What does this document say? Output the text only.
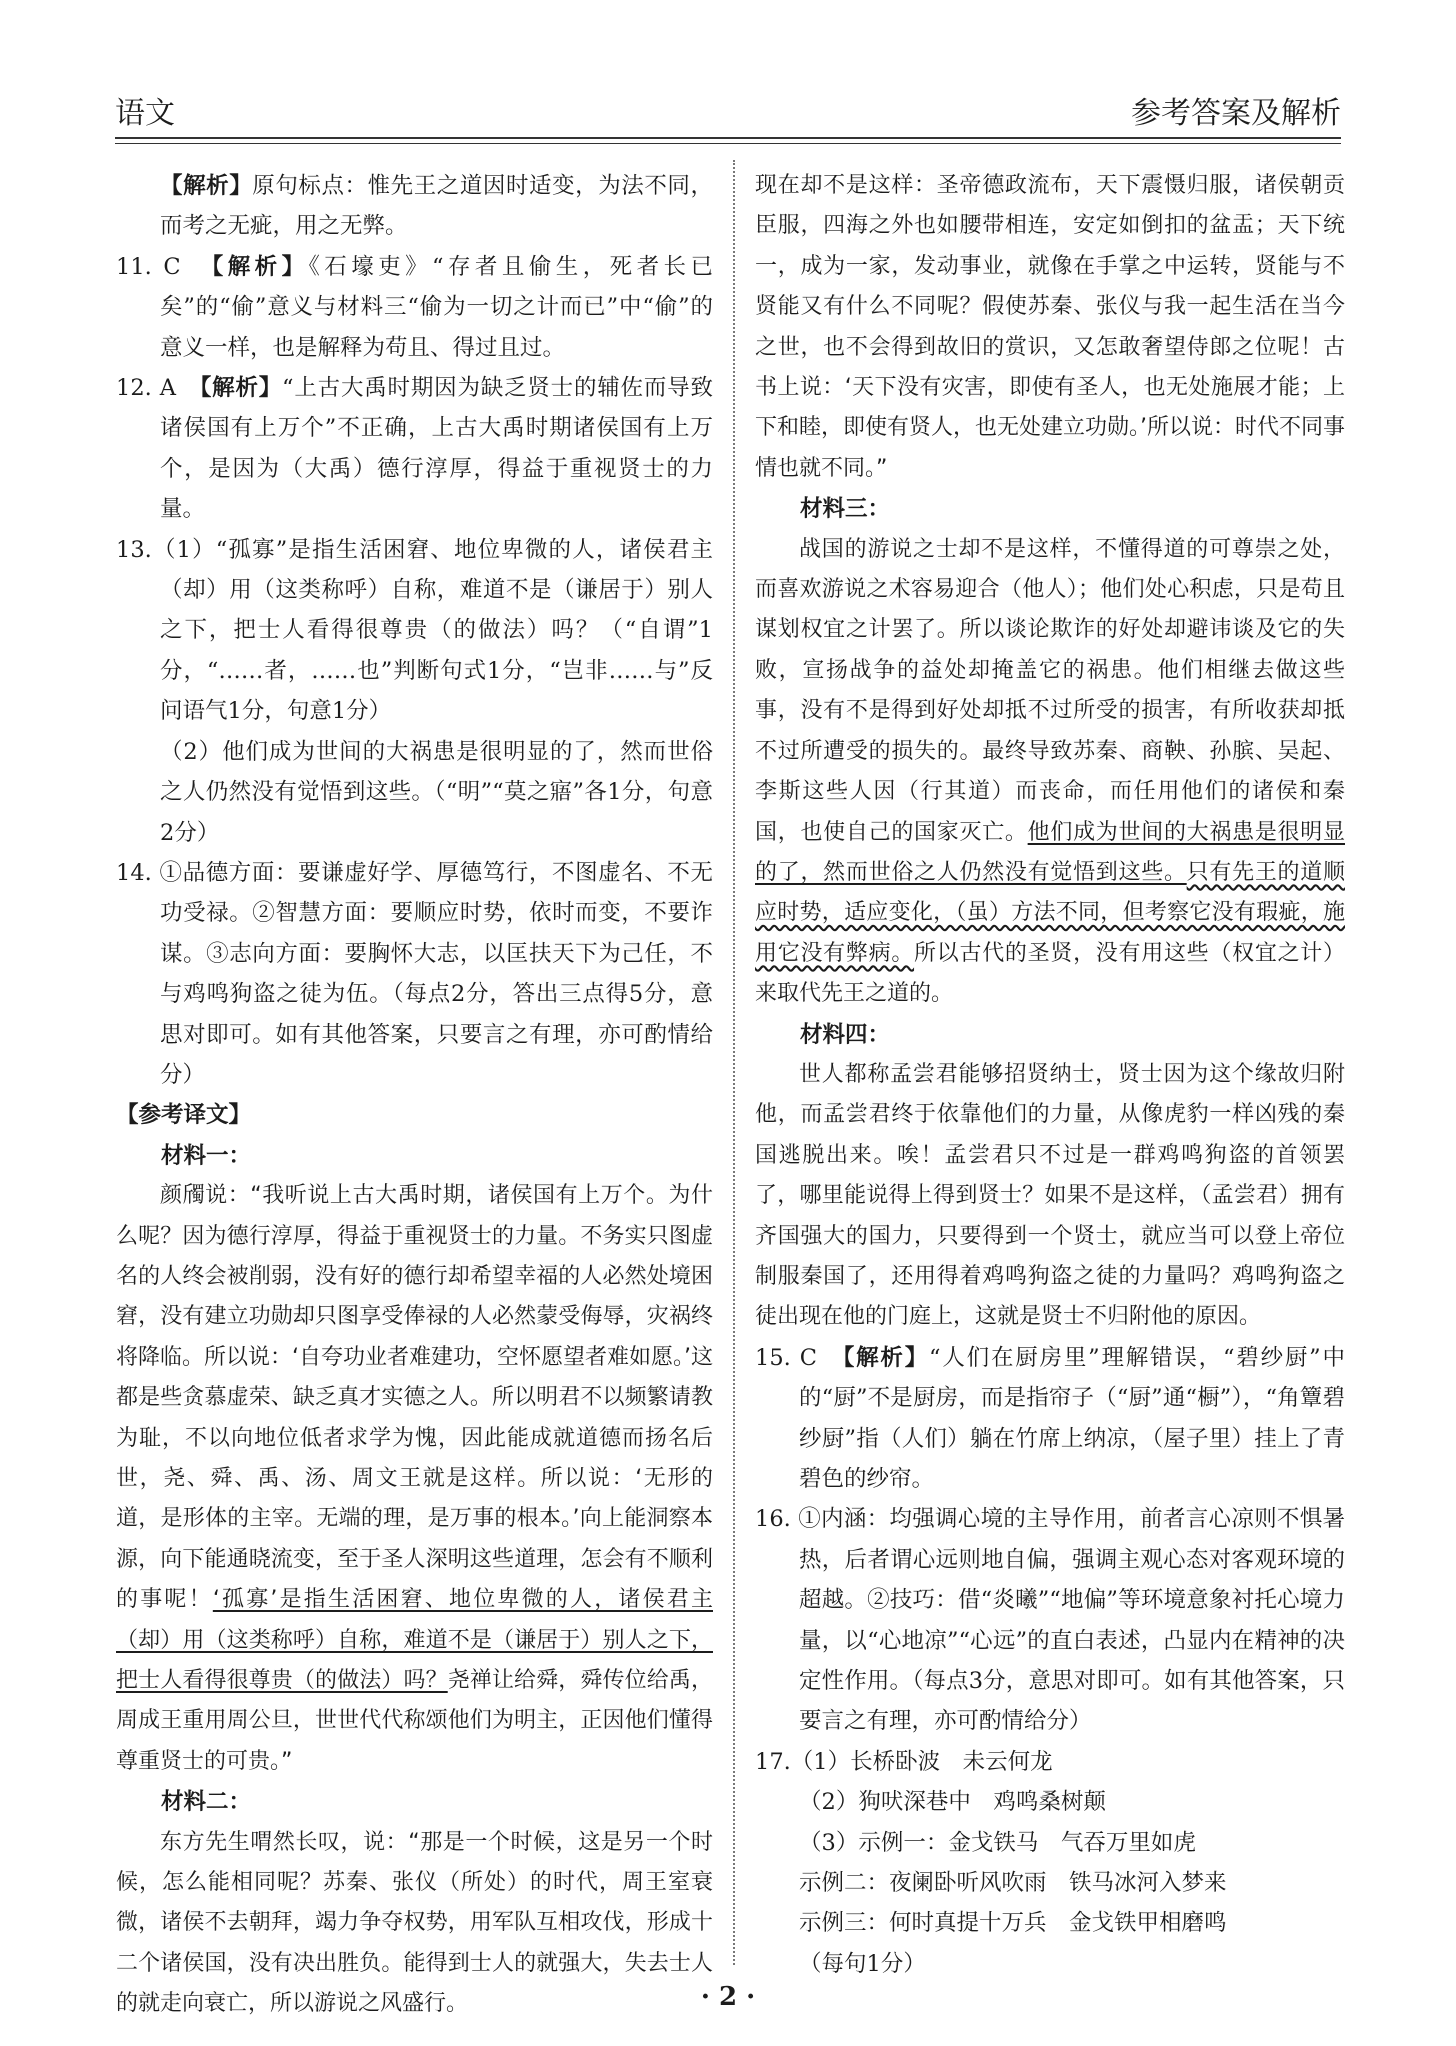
语文	参考答案及解析

【解析】原句标点：惟先王之道因时适变，为法不同，而考之无疵，用之无弊。

11. C　 【解析】《石壕吏》“存者且偷生，死者长已矣”的“偷”意义与材料三“偷为一切之计而已”中“偷”的意义一样，也是解释为苟且、得过且过。

12. A　 【解析】“上古大禹时期因为缺乏贤士的辅佐而导致诸侯国有上万个”不正确，上古大禹时期诸侯国有上万个，是因为（大禹）德行淳厚，得益于重视贤士的力量。

13.（1）“孤寡”是指生活困窘、地位卑微的人，诸侯君主（却）用（这类称呼）自称，难道不是（谦居于）别人之下，把士人看得很尊贵（的做法）吗？（“自谓”1分，“……者，……也”判断句式1分，“岂非……与”反问语气1分，句意1分）

（2）他们成为世间的大祸患是很明显的了，然而世俗之人仍然没有觉悟到这些。（“明”“莫之寤”各1分，句意2分）

14. ①品德方面：要谦虚好学、厚德笃行，不图虚名、不无功受禄。②智慧方面：要顺应时势，依时而变，不要诈谋。③志向方面：要胸怀大志，以匡扶天下为己任，不与鸡鸣狗盗之徒为伍。（每点2分，答出三点得5分，意思对即可。如有其他答案，只要言之有理，亦可酌情给分）

【参考译文】

材料一：

颜斶说：“我听说上古大禹时期，诸侯国有上万个。为什么呢？因为德行淳厚，得益于重视贤士的力量。不务实只图虚名的人终会被削弱，没有好的德行却希望幸福的人必然处境困窘，没有建立功勋却只图享受俸禄的人必然蒙受侮辱，灾祸终将降临。所以说：‘自夸功业者难建功，空怀愿望者难如愿。’这都是些贪慕虚荣、缺乏真才实德之人。所以明君不以频繁请教为耻，不以向地位低者求学为愧，因此能成就道德而扬名后世，尧、舜、禹、汤、周文王就是这样。所以说：‘无形的道，是形体的主宰。无端的理，是万事的根本。’向上能洞察本源，向下能通晓流变，至于圣人深明这些道理，怎会有不顺利的事呢！‘孤寡’是指生活困窘、地位卑微的人，诸侯君主（却）用（这类称呼）自称，难道不是（谦居于）别人之下，把士人看得很尊贵（的做法）吗？尧禅让给舜，舜传位给禹，周成王重用周公旦，世世代代称颂他们为明主，正因他们懂得尊重贤士的可贵。”

材料二：

东方先生喟然长叹，说：“那是一个时候，这是另一个时候，怎么能相同呢？苏秦、张仪（所处）的时代，周王室衰微，诸侯不去朝拜，竭力争夺权势，用军队互相攻伐，形成十二个诸侯国，没有决出胜负。能得到士人的就强大，失去士人的就走向衰亡，所以游说之风盛行。

现在却不是这样：圣帝德政流布，天下震慑归服，诸侯朝贡臣服，四海之外也如腰带相连，安定如倒扣的盆盂；天下统一，成为一家，发动事业，就像在手掌之中运转，贤能与不贤能又有什么不同呢？假使苏秦、张仪与我一起生活在当今之世，也不会得到故旧的赏识，又怎敢奢望侍郎之位呢！古书上说：‘天下没有灾害，即使有圣人，也无处施展才能；上下和睦，即使有贤人，也无处建立功勋。’所以说：时代不同事情也就不同。”

材料三：

战国的游说之士却不是这样，不懂得道的可尊崇之处，而喜欢游说之术容易迎合（他人）；他们处心积虑，只是苟且谋划权宜之计罢了。所以谈论欺诈的好处却避讳谈及它的失败，宣扬战争的益处却掩盖它的祸患。他们相继去做这些事，没有不是得到好处却抵不过所受的损害，有所收获却抵不过所遭受的损失的。最终导致苏秦、商鞅、孙膑、吴起、李斯这些人因（行其道）而丧命，而任用他们的诸侯和秦国，也使自己的国家灭亡。他们成为世间的大祸患是很明显的了，然而世俗之人仍然没有觉悟到这些。只有先王的道顺应时势，适应变化，（虽）方法不同，但考察它没有瑕疵，施用它没有弊病。所以古代的圣贤，没有用这些（权宜之计）来取代先王之道的。

材料四：

世人都称孟尝君能够招贤纳士，贤士因为这个缘故归附他，而孟尝君终于依靠他们的力量，从像虎豹一样凶残的秦国逃脱出来。唉！孟尝君只不过是一群鸡鸣狗盗的首领罢了，哪里能说得上得到贤士？如果不是这样，（孟尝君）拥有齐国强大的国力，只要得到一个贤士，就应当可以登上帝位制服秦国了，还用得着鸡鸣狗盗之徒的力量吗？鸡鸣狗盗之徒出现在他的门庭上，这就是贤士不归附他的原因。

15. C　 【解析】“人们在厨房里”理解错误，“碧纱厨”中的“厨”不是厨房，而是指帘子（“厨”通“橱”），“角簟碧纱厨”指（人们）躺在竹席上纳凉，（屋子里）挂上了青碧色的纱帘。

16. ①内涵：均强调心境的主导作用，前者言心凉则不惧暑热，后者谓心远则地自偏，强调主观心态对客观环境的超越。②技巧：借“炎曦”“地偏”等环境意象衬托心境力量，以“心地凉”“心远”的直白表述，凸显内在精神的决定性作用。（每点3分，意思对即可。如有其他答案，只要言之有理，亦可酌情给分）

17.（1）长桥卧波　未云何龙

（2）狗吠深巷中　鸡鸣桑树颠

（3）示例一：金戈铁马　气吞万里如虎

示例二：夜阑卧听风吹雨　铁马冰河入梦来

示例三：何时真提十万兵　金戈铁甲相磨鸣

（每句1分）

· 2 ·
